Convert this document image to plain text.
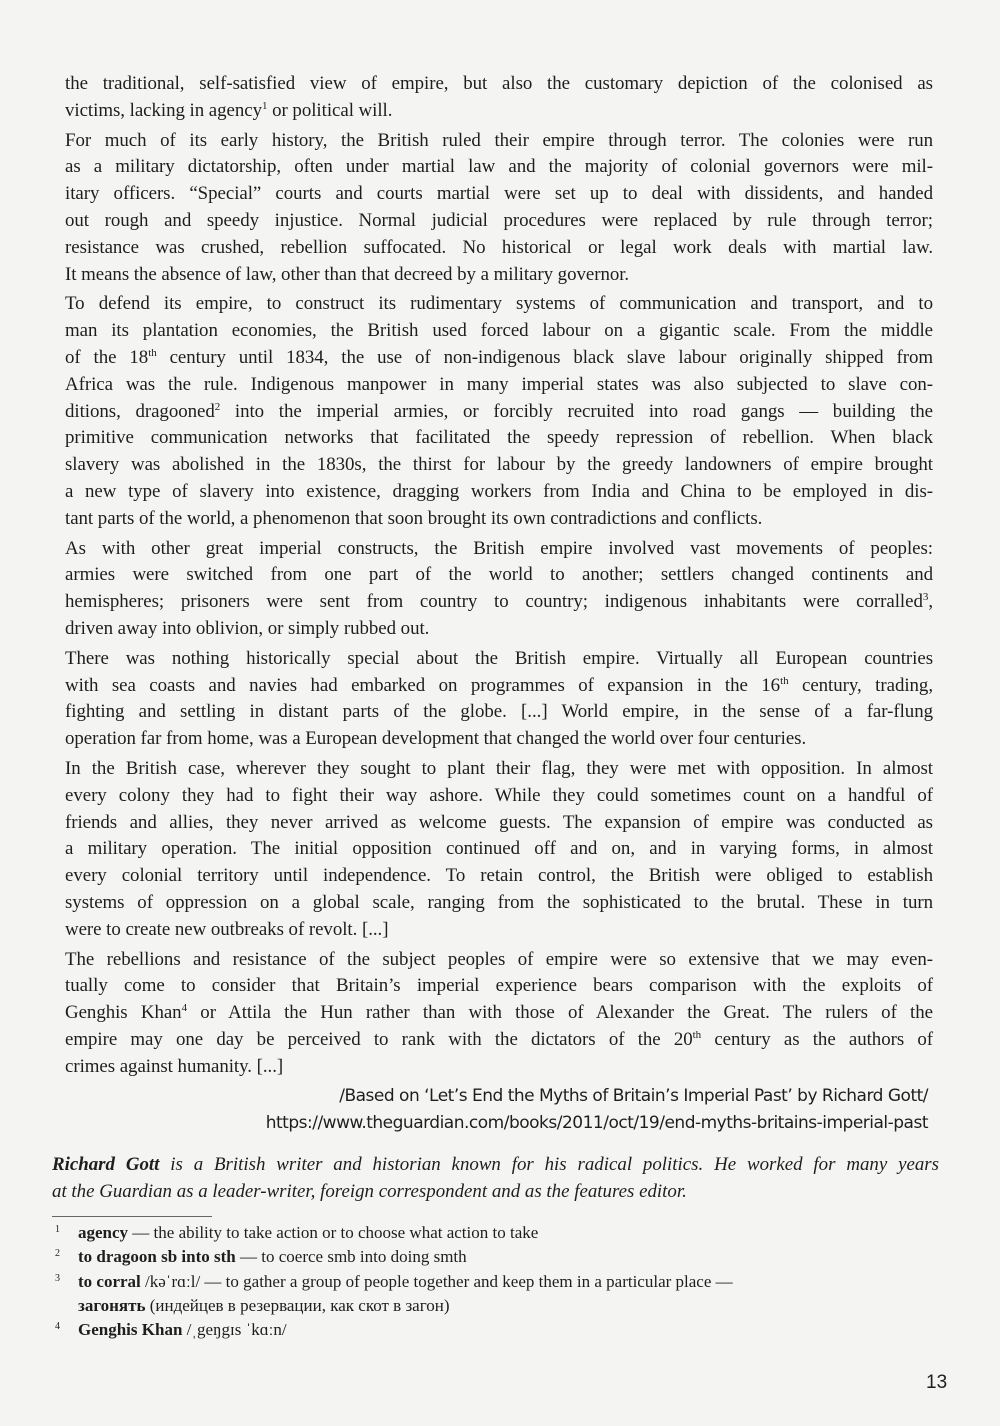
the traditional, self-satisfied view of empire, but also the customary depiction of the colonised as
victims, lacking in agency$^1$ or political will.
For much of its early history, the British ruled their empire through terror. The colonies were run
as a military dictatorship, often under martial law and the majority of colonial governors were mil-
itary officers. “Special” courts and courts martial were set up to deal with dissidents, and handed
out rough and speedy injustice. Normal judicial procedures were replaced by rule through terror;
resistance was crushed, rebellion suffocated. No historical or legal work deals with martial law.
It means the absence of law, other than that decreed by a military governor.
To defend its empire, to construct its rudimentary systems of communication and transport, and to
man its plantation economies, the British used forced labour on a gigantic scale. From the middle
of the 18th century until 1834, the use of non-indigenous black slave labour originally shipped from
Africa was the rule. Indigenous manpower in many imperial states was also subjected to slave con-
ditions, dragooned$^2$ into the imperial armies, or forcibly recruited into road gangs — building the
primitive communication networks that facilitated the speedy repression of rebellion. When black
slavery was abolished in the 1830s, the thirst for labour by the greedy landowners of empire brought
a new type of slavery into existence, dragging workers from India and China to be employed in dis-
tant parts of the world, a phenomenon that soon brought its own contradictions and conflicts.
As with other great imperial constructs, the British empire involved vast movements of peoples:
armies were switched from one part of the world to another; settlers changed continents and
hemispheres; prisoners were sent from country to country; indigenous inhabitants were corralled$^3$,
driven away into oblivion, or simply rubbed out.
There was nothing historically special about the British empire. Virtually all European countries
with sea coasts and navies had embarked on programmes of expansion in the 16th century, trading,
fighting and settling in distant parts of the globe. [...] World empire, in the sense of a far-flung
operation far from home, was a European development that changed the world over four centuries.
In the British case, wherever they sought to plant their flag, they were met with opposition. In almost
every colony they had to fight their way ashore. While they could sometimes count on a handful of
friends and allies, they never arrived as welcome guests. The expansion of empire was conducted as
a military operation. The initial opposition continued off and on, and in varying forms, in almost
every colonial territory until independence. To retain control, the British were obliged to establish
systems of oppression on a global scale, ranging from the sophisticated to the brutal. These in turn
were to create new outbreaks of revolt. [...]
The rebellions and resistance of the subject peoples of empire were so extensive that we may even-
tually come to consider that Britain’s imperial experience bears comparison with the exploits of
Genghis Khan$^4$ or Attila the Hun rather than with those of Alexander the Great. The rulers of the
empire may one day be perceived to rank with the dictators of the 20th century as the authors of
crimes against humanity. [...]
/Based on ‘Let’s End the Myths of Britain’s Imperial Past’ by Richard Gott/
https://www.theguardian.com/books/2011/oct/19/end-myths-britains-imperial-past
Richard Gott is a British writer and historian known for his radical politics. He worked for many years
at the Guardian as a leader-writer, foreign correspondent and as the features editor.
1 agency — the ability to take action or to choose what action to take
2 to dragoon sb into sth — to coerce smb into doing smth
3 to corral /kəˈrɑːl/ — to gather a group of people together and keep them in a particular place —
загонять (индейцев в резервации, как скот в загон)
4 Genghis Khan /ˌgeŋgɪs ˈkɑːn/
13
